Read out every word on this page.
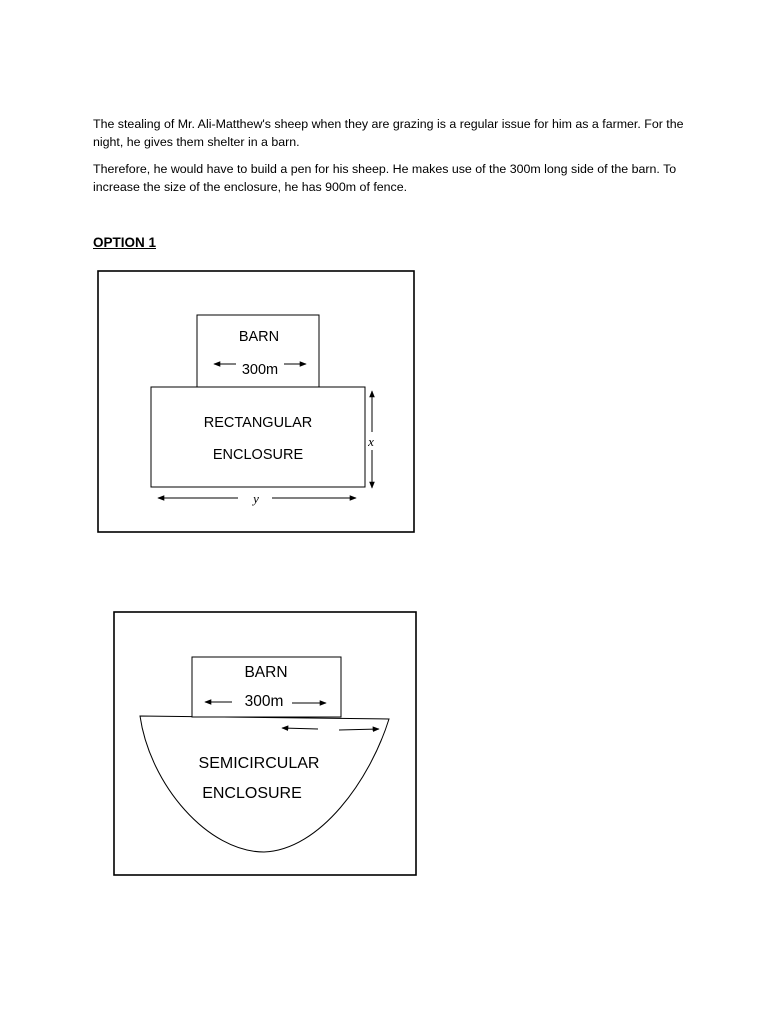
The stealing of Mr. Ali-Matthew's sheep when they are grazing is a regular issue for him as a farmer. For the night, he gives them shelter in a barn.

Therefore, he would have to build a pen for his sheep. He makes use of the 300m long side of the barn. To increase the size of the enclosure, he has 900m of fence.

OPTION 1

BARN
300m
RECTANGULAR
ENCLOSURE
x
y
BARN
300m
SEMICIRCULAR
ENCLOSURE
